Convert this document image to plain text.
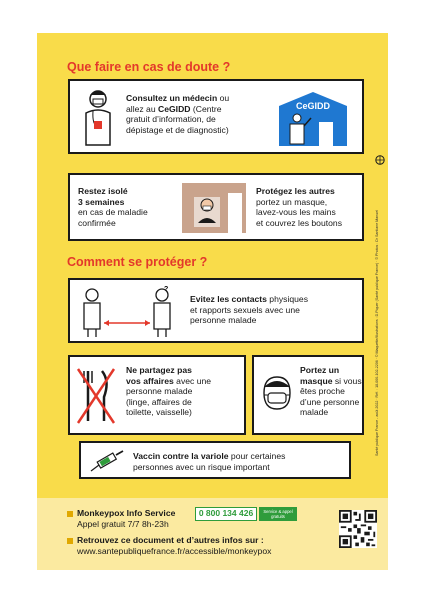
Que faire en cas de doute ?
Consultez un médecin ou
allez au CeGIDD (Centre
gratuit d’information, de
dépistage et de diagnostic)
CeGIDD
Restez isolé
3 semaines
en cas de maladie
confirmée
Protégez les autres
portez un masque,
lavez-vous les mains
et couvrez les boutons
Comment se protéger ?
?
Evitez les contacts physiques
et rapports sexuels avec une
personne malade
Ne partagez pas
vos affaires avec une
personne malade
(linge, affaires de
toilette, vaisselle)
Portez un
masque si vous
êtes proche
d’une personne
malade
Vaccin contre la variole pour certaines
personnes avec un risque important
Santé publique France - août 2022 · Réf. : 18-000-102-2206 · © Maquette/Illustrations : D.Piquer (Santé publique France) · © Photos : Dr Santiane Manuel
Monkeypox Info Service	0 800 134 426	Service & appel
gratuits
Appel gratuit 7/7 8h-23h
Retrouvez ce document et d’autres infos sur :
www.santepubliquefrance.fr/accessible/monkeypox
